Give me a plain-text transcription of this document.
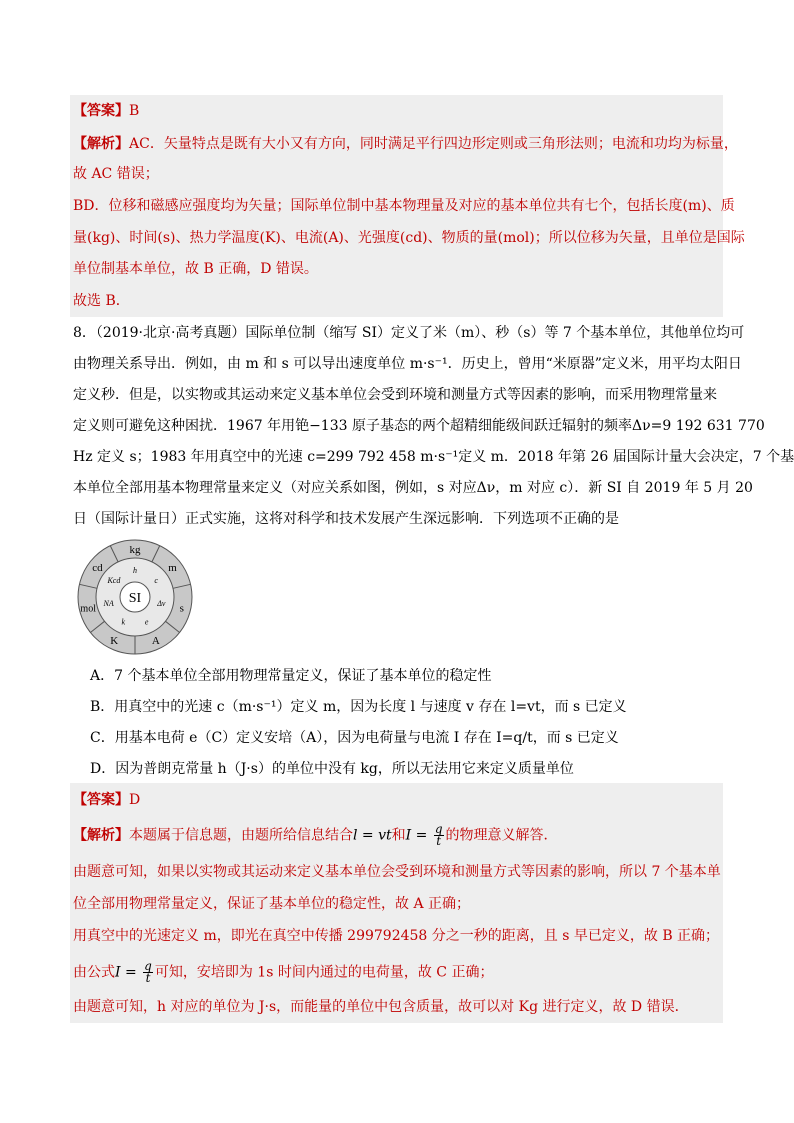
【答案】B
【解析】AC．矢量特点是既有大小又有方向，同时满足平行四边形定则或三角形法则；电流和功均为标量，
故 AC 错误；
BD．位移和磁感应强度均为矢量；国际单位制中基本物理量及对应的基本单位共有七个，包括长度(m)、质
量(kg)、时间(s)、热力学温度(K)、电流(A)、光强度(cd)、物质的量(mol)；所以位移为矢量，且单位是国际
单位制基本单位，故 B 正确，D 错误。
故选 B．
8．（2019·北京·高考真题）国际单位制（缩写 SI）定义了米（m）、秒（s）等 7 个基本单位，其他单位均可
由物理关系导出．例如，由 m 和 s 可以导出速度单位 m·s⁻¹．历史上，曾用“米原器”定义米，用平均太阳日
定义秒．但是，以实物或其运动来定义基本单位会受到环境和测量方式等因素的影响，而采用物理常量来
定义则可避免这种困扰．1967 年用铯−133 原子基态的两个超精细能级间跃迁辐射的频率Δν=9 192 631 770
Hz 定义 s；1983 年用真空中的光速 c=299 792 458 m·s⁻¹定义 m．2018 年第 26 届国际计量大会决定，7 个基
本单位全部用基本物理常量来定义（对应关系如图，例如，s 对应Δν，m 对应 c）．新 SI 自 2019 年 5 月 20
日（国际计量日）正式实施，这将对科学和技术发展产生深远影响．下列选项不正确的是
kg
m
s
A
K
mol
cd	h
c
Δν
e
k
NA
Kcd
SI
A．7 个基本单位全部用物理常量定义，保证了基本单位的稳定性
B．用真空中的光速 c（m·s⁻¹）定义 m，因为长度 l 与速度 v 存在 l=vt，而 s 已定义
C．用基本电荷 e（C）定义安培（A），因为电荷量与电流 I 存在 I=q/t，而 s 已定义
D．因为普朗克常量 h（J·s）的单位中没有 kg，所以无法用它来定义质量单位
【答案】D
【解析】本题属于信息题，由题所给信息结合l = vt和$I = \frac{q}{t}$ 的物理意义解答．
由题意可知，如果以实物或其运动来定义基本单位会受到环境和测量方式等因素的影响，所以 7 个基本单
位全部用物理常量定义，保证了基本单位的稳定性，故 A 正确；
用真空中的光速定义 m，即光在真空中传播 299792458 分之一秒的距离，且 s 早已定义，故 B 正确；
由公式$I = \frac{q}{t}$ 可知，安培即为 1s 时间内通过的电荷量，故 C 正确；
由题意可知，h 对应的单位为 J·s，而能量的单位中包含质量，故可以对 Kg 进行定义，故 D 错误．
